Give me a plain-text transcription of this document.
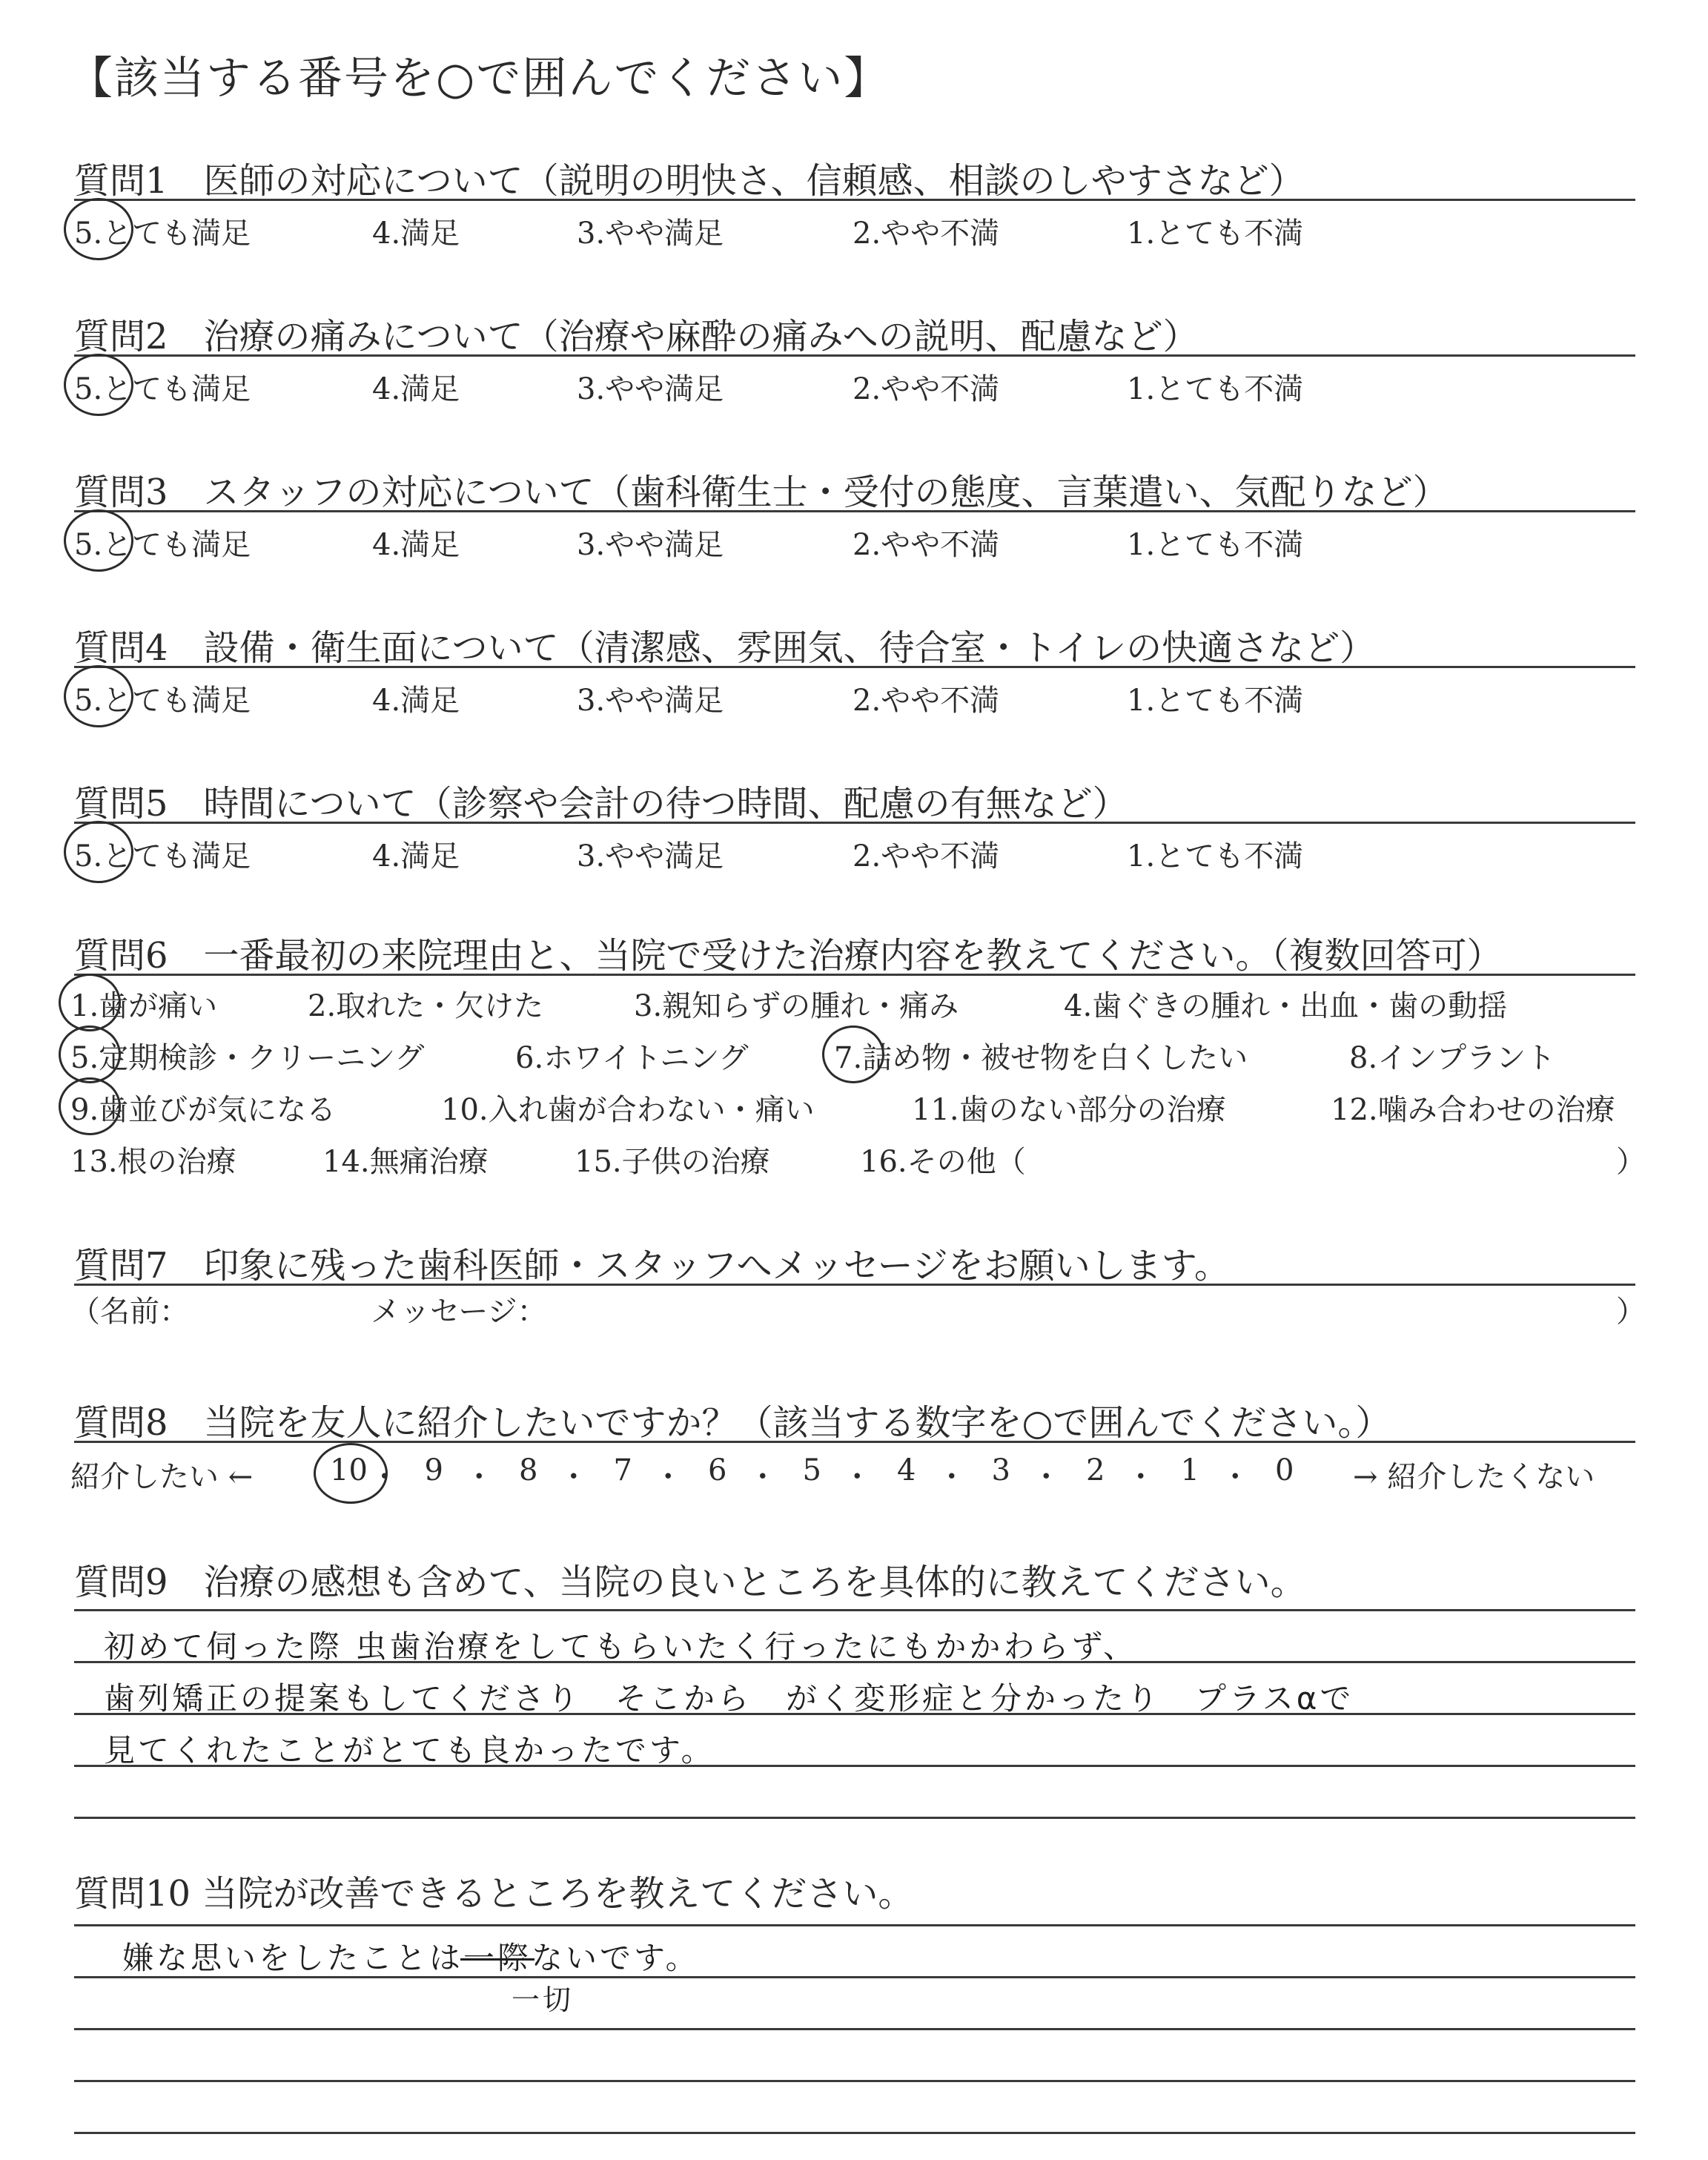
【該当する番号を○で囲んでください】
質問1　医師の対応について（説明の明快さ、信頼感、相談のしやすさなど）
5.とても満足	4.満足	3.やや満足	2.やや不満	1.とても不満
質問2　治療の痛みについて（治療や麻酔の痛みへの説明、配慮など）
5.とても満足	4.満足	3.やや満足	2.やや不満	1.とても不満
質問3　スタッフの対応について（歯科衛生士・受付の態度、言葉遣い、気配りなど）
5.とても満足	4.満足	3.やや満足	2.やや不満	1.とても不満
質問4　設備・衛生面について（清潔感、雰囲気、待合室・トイレの快適さなど）
5.とても満足	4.満足	3.やや満足	2.やや不満	1.とても不満
質問5　時間について（診察や会計の待つ時間、配慮の有無など）
5.とても満足	4.満足	3.やや満足	2.やや不満	1.とても不満
質問6　一番最初の来院理由と、当院で受けた治療内容を教えてください。（複数回答可）
1.歯が痛い	2.取れた・欠けた	3.親知らずの腫れ・痛み	4.歯ぐきの腫れ・出血・歯の動揺
5.定期検診・クリーニング	6.ホワイトニング	7.詰め物・被せ物を白くしたい	8.インプラント
9.歯並びが気になる	10.入れ歯が合わない・痛い	11.歯のない部分の治療	12.噛み合わせの治療
13.根の治療	14.無痛治療	15.子供の治療	16.その他（	）
質問7　印象に残った歯科医師・スタッフへメッセージをお願いします。
（名前：	メッセージ：	）
質問8　当院を友人に紹介したいですか？（該当する数字を○で囲んでください。）
紹介したい ←	10 ・ 9 ・ 8 ・ 7 ・ 6 ・ 5 ・ 4 ・ 3 ・ 2 ・ 1 ・ 0 → 紹介したくない
質問9　治療の感想も含めて、当院の良いところを具体的に教えてください。
初めて伺った際 虫歯治療をしてもらいたく行ったにもかかわらず、
歯列矯正の提案もしてくださり　そこから　がく変形症と分かったり　プラスαで
見てくれたことがとても良かったです。
質問10 当院が改善できるところを教えてください。
嫌な思いをしたことは一際ないです。
一切
